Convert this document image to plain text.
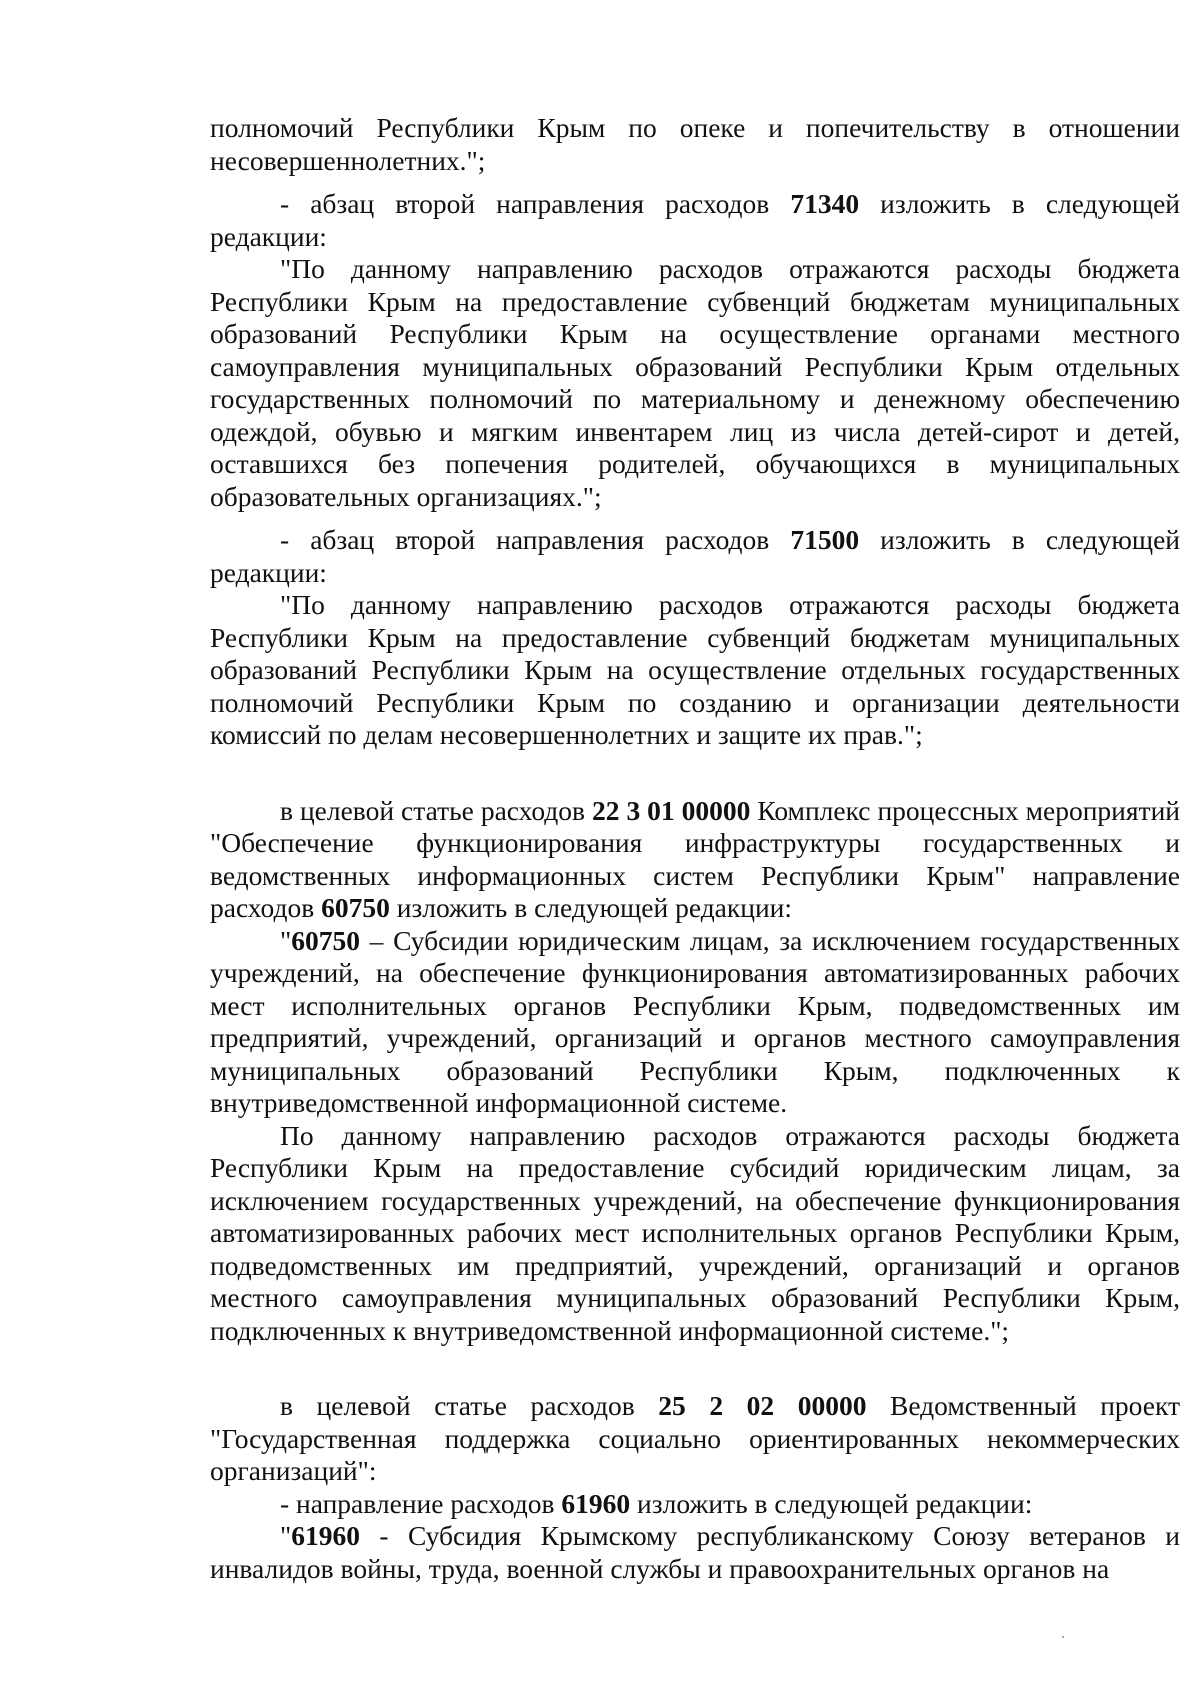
полномочий Республики Крым по опеке и попечительству в отношении несовершеннолетних.";

- абзац второй направления расходов 71340 изложить в следующей редакции:

"По данному направлению расходов отражаются расходы бюджета Республики Крым на предоставление субвенций бюджетам муниципальных образований Республики Крым на осуществление органами местного самоуправления муниципальных образований Республики Крым отдельных государственных полномочий по материальному и денежному обеспечению одеждой, обувью и мягким инвентарем лиц из числа детей-сирот и детей, оставшихся без попечения родителей, обучающихся в муниципальных образовательных организациях.";

- абзац второй направления расходов 71500 изложить в следующей редакции:

"По данному направлению расходов отражаются расходы бюджета Республики Крым на предоставление субвенций бюджетам муниципальных образований Республики Крым на осуществление отдельных государственных полномочий Республики Крым по созданию и организации деятельности комиссий по делам несовершеннолетних и защите их прав.";

в целевой статье расходов 22 3 01 00000 Комплекс процессных мероприятий "Обеспечение функционирования инфраструктуры государственных и ведомственных информационных систем Республики Крым" направление расходов 60750 изложить в следующей редакции:

"60750 – Субсидии юридическим лицам, за исключением государственных учреждений, на обеспечение функционирования автоматизированных рабочих мест исполнительных органов Республики Крым, подведомственных им предприятий, учреждений, организаций и органов местного самоуправления муниципальных образований Республики Крым, подключенных к внутриведомственной информационной системе.

По данному направлению расходов отражаются расходы бюджета Республики Крым на предоставление субсидий юридическим лицам, за исключением государственных учреждений, на обеспечение функционирования автоматизированных рабочих мест исполнительных органов Республики Крым, подведомственных им предприятий, учреждений, организаций и органов местного самоуправления муниципальных образований Республики Крым, подключенных к внутриведомственной информационной системе.";

в целевой статье расходов 25 2 02 00000 Ведомственный проект "Государственная поддержка социально ориентированных некоммерческих организаций":

- направление расходов 61960 изложить в следующей редакции:

"61960 - Субсидия Крымскому республиканскому Союзу ветеранов и инвалидов войны, труда, военной службы и правоохранительных органов на
